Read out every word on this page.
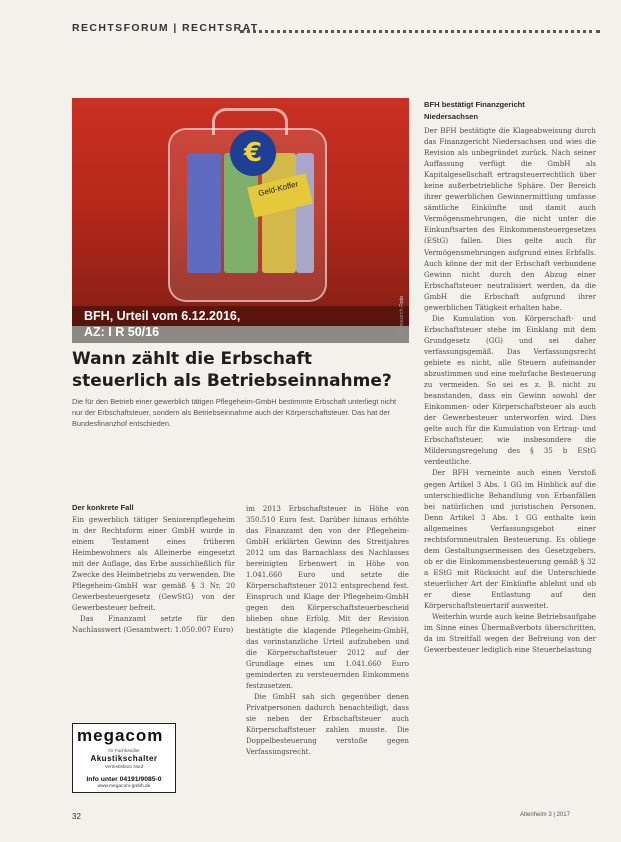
RECHTSFORUM | RECHTSRAT
€
Geld-Koffer
Fotosearch Foto
BFH, Urteil vom 6.12.2016,
AZ: I R 50/16
Wann zählt die Erbschaft steuerlich als Betriebseinnahme?
Die für den Betrieb einer gewerblich tätigen Pflegeheim-GmbH bestimmte Erbschaft unterliegt nicht nur der Erbschaftsteuer, sondern als Betriebseinnahme auch der Körperschaftsteuer. Das hat der Bundesfinanzhof entschieden.
Der konkrete Fall

Ein gewerblich tätiger Seniorenpflegeheim in der Rechtsform einer GmbH wurde in einem Testament eines früheren Heimbewohners als Alleinerbe eingesetzt mit der Auflage, das Erbe ausschließlich für Zwecke des Heimbetriebs zu verwenden. Die Pflegeheim-GmbH war gemäß § 3 Nr. 20 Gewerbesteuergesetz (GewStG) von der Gewerbesteuer befreit.

Das Finanzamt setzte für den Nachlasswert (Gesamtwert: 1.050.007 Euro)

im 2013 Erbschaftsteuer in Höhe von 350.510 Euro fest. Darüber hinaus erhöhte das Finanzamt den von der Pflegeheim-GmbH erklärten Gewinn des Streitjahres 2012 um das Barnachlass des Nachlasses bereinigten Erbenwert in Höhe von 1.041.660 Euro und setzte die Körperschaftsteuer 2012 entsprechend fest. Einspruch und Klage der Pflegeheim-GmbH gegen den Körperschaftsteuerbescheid blieben ohne Erfolg. Mit der Revision bestätigte die klagende Pflegeheim-GmbH, das vorinstanzliche Urteil aufzuheben und die Körperschaftsteuer 2012 auf der Grundlage eines um 1.041.660 Euro geminderten zu versteuernden Einkommens festzusetzen.

Die GmbH sah sich gegenüber denen Privatpersonen dadurch benachteiligt, dass sie neben der Erbschaftsteuer auch Körperschaftsteuer zahlen musste. Die Doppelbesteuerung verstoße gegen Verfassungsrecht.

BFH bestätigt Finanzgericht
Niedersachsen

Der BFH bestätigte die Klageabweisung durch das Finanzgericht Niedersachsen und wies die Revision als unbegründet zurück. Nach seiner Auffassung verfügt die GmbH als Kapitalgesellschaft ertragsteuerrechtlich über keine außerbetriebliche Sphäre. Der Bereich ihrer gewerblichen Gewinnermittlung umfasse sämtliche Einkünfte und damit auch Vermögensmehrungen, die nicht unter die Einkunftsarten des Einkommensteuergesetzes (EStG) fallen. Dies gelte auch für Vermögensmehrungen aufgrund eines Erbfalls. Auch könne der mit der Erbschaft verbundene Gewinn nicht durch den Abzug einer Erbschaftsteuer neutralisiert werden, da die GmbH die Erbschaft aufgrund ihrer gewerblichen Tätigkeit erhalten habe.

Die Kumulation von Körperschaft- und Erbschaftsteuer stehe im Einklang mit dem Grundgesetz (GG) und sei daher verfassungsgemäß. Das Verfassungsrecht gebiete es nicht, alle Steuern aufeinander abzustimmen und eine mehrfache Besteuerung zu vermeiden. So sei es z. B. nicht zu beanstanden, dass ein Gewinn sowohl der Einkommen- oder Körperschaftsteuer als auch der Gewerbesteuer unterworfen wird. Dies gelte auch für die Kumulation von Ertrag- und Erbschaftsteuer, wie insbesondere die Milderungsregelung des § 35 b EStG verdeutliche.

Der BFH verneinte auch einen Verstoß gegen Artikel 3 Abs. 1 GG im Hinblick auf die unterschiedliche Behandlung von Erbanfällen bei natürlichen und juristischen Personen. Denn Artikel 3 Abs. 1 GG enthalte kein allgemeines Verfassungsgebot einer rechtsformneutralen Besteuerung. Es obliege dem Gestaltungsermessen des Gesetzgebers, ob er die Einkommensbesteuerung gemäß § 32 a EStG mit Rücksicht auf die Unterschiede steuerlicher Art der Einkünfte ablehnt und ob er diese Entlastung auf den Körperschaftsteuertarif ausweitet.

Weiterhin wurde auch keine Betriebsaufgabe im Sinne eines Übermaßverbots überschritten, da im Streitfall wegen der Befreiung von der Gewerbesteuer lediglich eine Steuerbelastung

megacom
Ihr Fachhändler
Akustikschalter
Vertriebsbüro Nord
Info unter 04191/9085-0
www.megacom-gmbh.de
32	Altenheim 3 | 2017
